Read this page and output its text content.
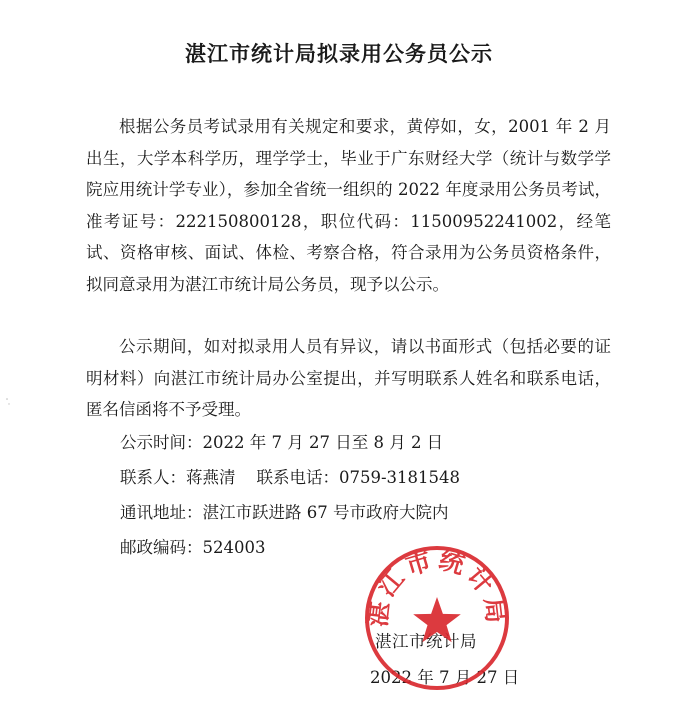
湛江市统计局拟录用公务员公示

根据公务员考试录用有关规定和要求，黄停如，女，2001 年 2 月出生，大学本科学历，理学学士，毕业于广东财经大学（统计与数学学院应用统计学专业），参加全省统一组织的 2022 年度录用公务员考试，准考证号：222150800128，职位代码：11500952241002，经笔试、资格审核、面试、体检、考察合格，符合录用为公务员资格条件，拟同意录用为湛江市统计局公务员，现予以公示。

公示期间，如对拟录用人员有异议，请以书面形式（包括必要的证明材料）向湛江市统计局办公室提出，并写明联系人姓名和联系电话，匿名信函将不予受理。

公示时间：2022 年 7 月 27 日至 8 月 2 日

联系人：蒋燕清    联系电话：0759-3181548

通讯地址：湛江市跃进路 67 号市政府大院内

邮政编码：524003

湛江市统计局
湛江市统计局
2022 年 7 月 27 日
